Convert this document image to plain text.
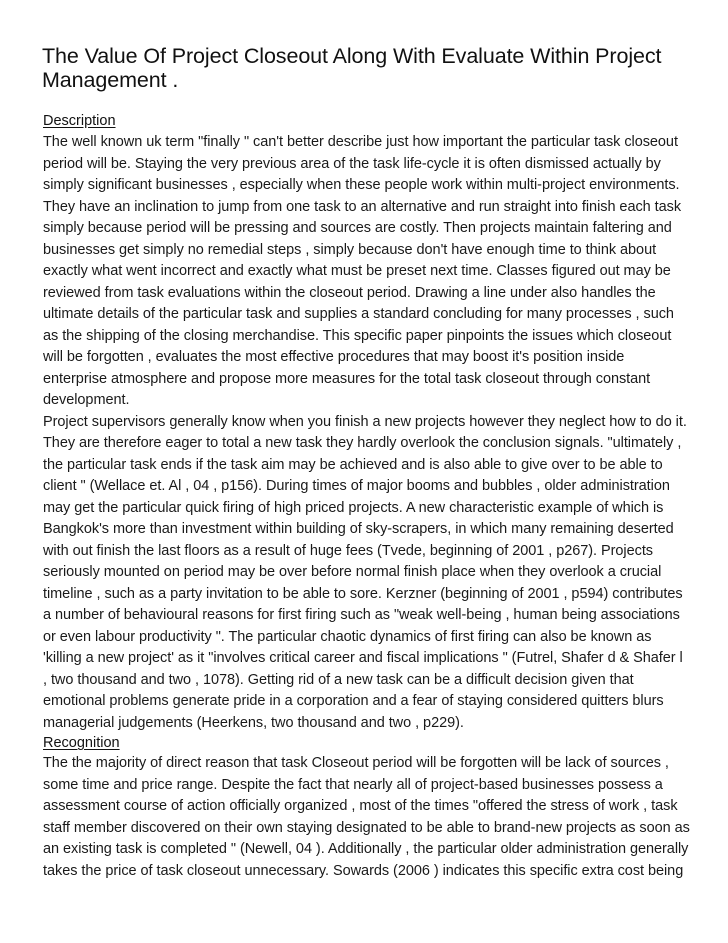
The Value Of Project Closeout Along With Evaluate Within Project
Management .
Description
The well known uk term "finally " can't better describe just how important the particular task closeout
period will be. Staying the very previous area of the task life-cycle it is often dismissed actually by
simply significant businesses , especially when these people work within multi-project environments.
They have an inclination to jump from one task to an alternative and run straight into finish each task
simply because period will be pressing and sources are costly. Then projects maintain faltering and
businesses get simply no remedial steps , simply because don't have enough time to think about
exactly what went incorrect and exactly what must be preset next time. Classes figured out may be
reviewed from task evaluations within the closeout period. Drawing a line under also handles the
ultimate details of the particular task and supplies a standard concluding for many processes , such
as the shipping of the closing merchandise. This specific paper pinpoints the issues which closeout
will be forgotten , evaluates the most effective procedures that may boost it's position inside
enterprise atmosphere and propose more measures for the total task closeout through constant
development.
Project supervisors generally know when you finish a new projects however they neglect how to do it.
They are therefore eager to total a new task they hardly overlook the conclusion signals. "ultimately ,
the particular task ends if the task aim may be achieved and is also able to give over to be able to
client " (Wellace et. Al , 04 , p156). During times of major booms and bubbles , older administration
may get the particular quick firing of high priced projects. A new characteristic example of which is
Bangkok's more than investment within building of sky-scrapers, in which many remaining deserted
with out finish the last floors as a result of huge fees (Tvede, beginning of 2001 , p267). Projects
seriously mounted on period may be over before normal finish place when they overlook a crucial
timeline , such as a party invitation to be able to sore. Kerzner (beginning of 2001 , p594) contributes
a number of behavioural reasons for first firing such as "weak well-being , human being associations
or even labour productivity ". The particular chaotic dynamics of first firing can also be known as
'killing a new project' as it "involves critical career and fiscal implications " (Futrel, Shafer d & Shafer l
, two thousand and two , 1078). Getting rid of a new task can be a difficult decision given that
emotional problems generate pride in a corporation and a fear of staying considered quitters blurs
managerial judgements (Heerkens, two thousand and two , p229).
Recognition
The the majority of direct reason that task Closeout period will be forgotten will be lack of sources ,
some time and price range. Despite the fact that nearly all of project-based businesses possess a
assessment course of action officially organized , most of the times "offered the stress of work , task
staff member discovered on their own staying designated to be able to brand-new projects as soon as
an existing task is completed " (Newell, 04 ). Additionally , the particular older administration generally
takes the price of task closeout unnecessary. Sowards (2006 ) indicates this specific extra cost being
